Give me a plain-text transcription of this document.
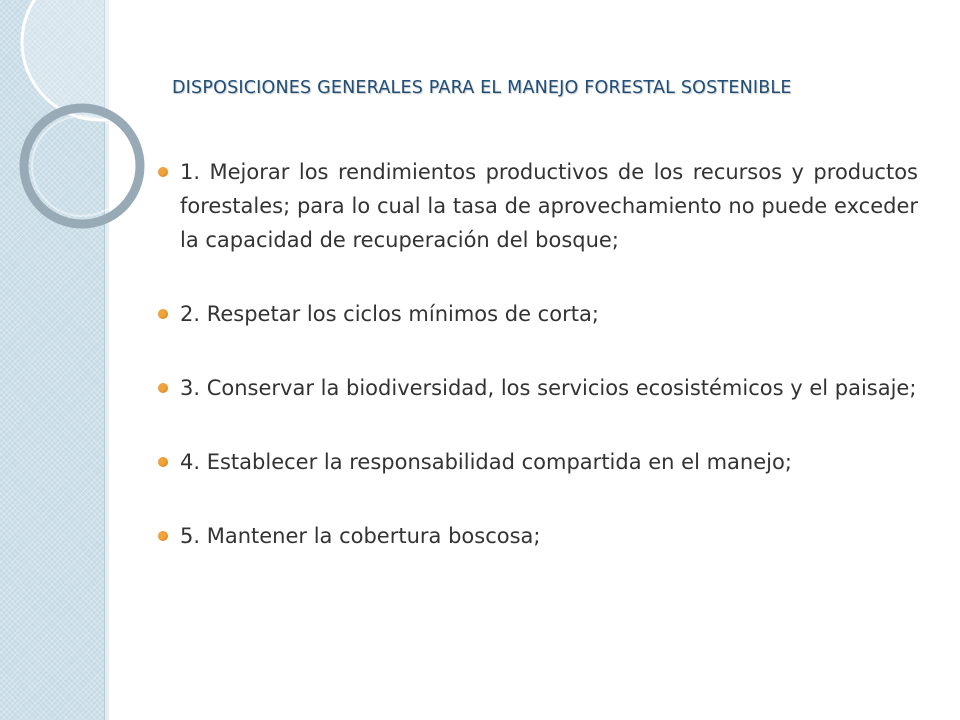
DISPOSICIONES GENERALES PARA EL MANEJO FORESTAL SOSTENIBLE
1. Mejorar los rendimientos productivos de los recursos y productos forestales; para lo cual la tasa de aprovechamiento no puede exceder la capacidad de recuperación del bosque;
2. Respetar los ciclos mínimos de corta;
3. Conservar la biodiversidad, los servicios ecosistémicos y el paisaje;
4. Establecer la responsabilidad compartida en el manejo;
5. Mantener la cobertura boscosa;
